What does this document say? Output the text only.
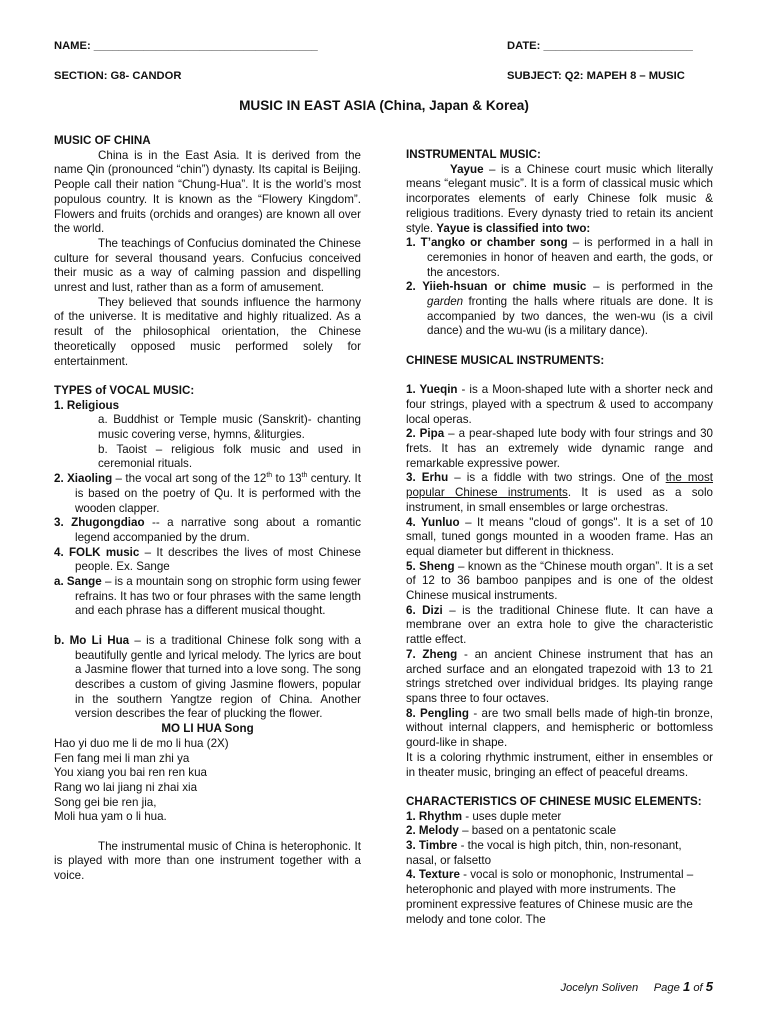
NAME: ____________________________________	DATE: ________________________
SECTION: G8- CANDOR	SUBJECT: Q2: MAPEH 8 – MUSIC
MUSIC IN EAST ASIA (China, Japan & Korea)

MUSIC OF CHINA

China is in the East Asia. It is derived from the name Qin (pronounced “chin”) dynasty. Its capital is Beijing. People call their nation “Chung-Hua”. It is the world’s most populous country. It is known as the “Flowery Kingdom”. Flowers and fruits (orchids and oranges) are known all over the world.

The teachings of Confucius dominated the Chinese culture for several thousand years. Confucius conceived their music as a way of calming passion and dispelling unrest and lust, rather than as a form of amusement.

They believed that sounds influence the harmony of the universe. It is meditative and highly ritualized. As a result of the philosophical orientation, the Chinese theoretically opposed music performed solely for entertainment.

TYPES of VOCAL MUSIC:

1. Religious

a. Buddhist or Temple music (Sanskrit)- chanting music covering verse, hymns, &liturgies.

b. Taoist – religious folk music and used in ceremonial rituals.

2. Xiaoling – the vocal art song of the 12th to 13th century. It is based on the poetry of Qu. It is performed with the wooden clapper.

3. Zhugongdiao -- a narrative song about a romantic legend accompanied by the drum.

4. FOLK music – It describes the lives of most Chinese people. Ex. Sange

a. Sange – is a mountain song on strophic form using fewer refrains. It has two or four phrases with the same length and each phrase has a different musical thought.

b. Mo Li Hua – is a traditional Chinese folk song with a beautifully gentle and lyrical melody. The lyrics are bout a Jasmine flower that turned into a love song. The song describes a custom of giving Jasmine flowers, popular in the southern Yangtze region of China. Another version describes the fear of plucking the flower.

MO LI HUA Song

Hao yi duo me li de mo li hua (2X)

Fen fang mei li man zhi ya

You xiang you bai ren ren kua

Rang wo lai jiang ni zhai xia

Song gei bie ren jia,

Moli hua yam o li hua.

The instrumental music of China is heterophonic. It is played with more than one instrument together with a voice.

INSTRUMENTAL MUSIC:

Yayue – is a Chinese court music which literally means “elegant music”. It is a form of classical music which incorporates elements of early Chinese folk music & religious traditions. Every dynasty tried to retain its ancient style. Yayue is classified into two:

1. T’angko or chamber song – is performed in a hall in ceremonies in honor of heaven and earth, the gods, or the ancestors.

2. Yiieh-hsuan or chime music – is performed in the garden fronting the halls where rituals are done. It is accompanied by two dances, the wen-wu (is a civil dance) and the wu-wu (is a military dance).

CHINESE MUSICAL INSTRUMENTS:

1. Yueqin - is a Moon-shaped lute with a shorter neck and four strings, played with a spectrum & used to accompany local operas.

2. Pipa – a pear-shaped lute body with four strings and 30 frets. It has an extremely wide dynamic range and remarkable expressive power.

3. Erhu – is a fiddle with two strings. One of the most popular Chinese instruments. It is used as a solo instrument, in small ensembles or large orchestras.

4. Yunluo – It means "cloud of gongs". It is a set of 10 small, tuned gongs mounted in a wooden frame. Has an equal diameter but different in thickness.

5. Sheng – known as the “Chinese mouth organ”. It is a set of 12 to 36 bamboo panpipes and is one of the oldest Chinese musical instruments.

6. Dizi – is the traditional Chinese flute. It can have a membrane over an extra hole to give the characteristic rattle effect.

7. Zheng - an ancient Chinese instrument that has an arched surface and an elongated trapezoid with 13 to 21 strings stretched over individual bridges. Its playing range spans three to four octaves.

8. Pengling - are two small bells made of high-tin bronze, without internal clappers, and hemispheric or bottomless gourd-like in shape.

It is a coloring rhythmic instrument, either in ensembles or in theater music, bringing an effect of peaceful dreams.

CHARACTERISTICS OF CHINESE MUSIC ELEMENTS:

1. Rhythm - uses duple meter

2. Melody – based on a pentatonic scale

3. Timbre - the vocal is high pitch, thin, non-resonant, nasal, or falsetto

4. Texture - vocal is solo or monophonic, Instrumental – heterophonic and played with more instruments. The prominent expressive features of Chinese music are the melody and tone color. The

Jocelyn Soliven Page 1 of 5
